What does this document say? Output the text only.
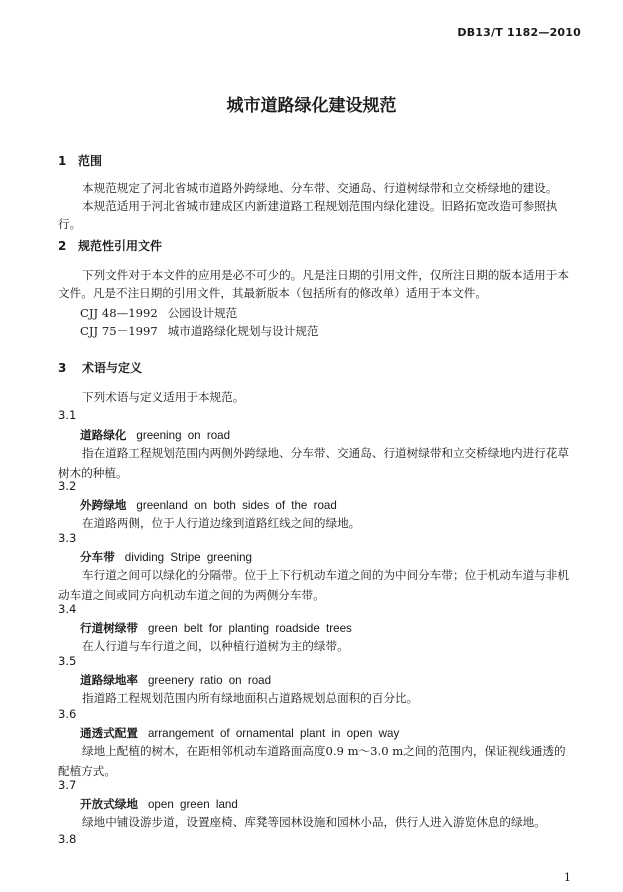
DB13/T 1182—2010
城市道路绿化建设规范
1 范围

本规范规定了河北省城市道路外跨绿地、分车带、交通岛、行道树绿带和立交桥绿地的建设。

本规范适用于河北省城市建成区内新建道路工程规划范围内绿化建设。旧路拓宽改造可参照执行。

2 规范性引用文件

下列文件对于本文件的应用是必不可少的。凡是注日期的引用文件，仅所注日期的版本适用于本文件。凡是不注日期的引用文件，其最新版本（包括所有的修改单）适用于本文件。

CJJ 48—1992 公园设计规范
CJJ 75－1997 城市道路绿化规划与设计规范
3 术语与定义

下列术语与定义适用于本规范。

3.1
道路绿化 greening on road

指在道路工程规划范围内两侧外跨绿地、分车带、交通岛、行道树绿带和立交桥绿地内进行花草树木的种植。

3.2
外跨绿地 greenland on both sides of the road

在道路两侧，位于人行道边缘到道路红线之间的绿地。

3.3
分车带 dividing Stripe greening

车行道之间可以绿化的分隔带。位于上下行机动车道之间的为中间分车带；位于机动车道与非机动车道之间或同方向机动车道之间的为两侧分车带。

3.4
行道树绿带 green belt for planting roadside trees

在人行道与车行道之间，以种植行道树为主的绿带。

3.5
道路绿地率 greenery ratio on road

指道路工程规划范围内所有绿地面积占道路规划总面积的百分比。

3.6
通透式配置 arrangement of ornamental plant in open way

绿地上配植的树木，在距相邻机动车道路面高度0.9 m～3.0 m之间的范围内，保证视线通透的配植方式。

3.7
开放式绿地 open green land

绿地中铺设游步道，设置座椅、库凳等园林设施和园林小品，供行人进入游览休息的绿地。

3.8
1
